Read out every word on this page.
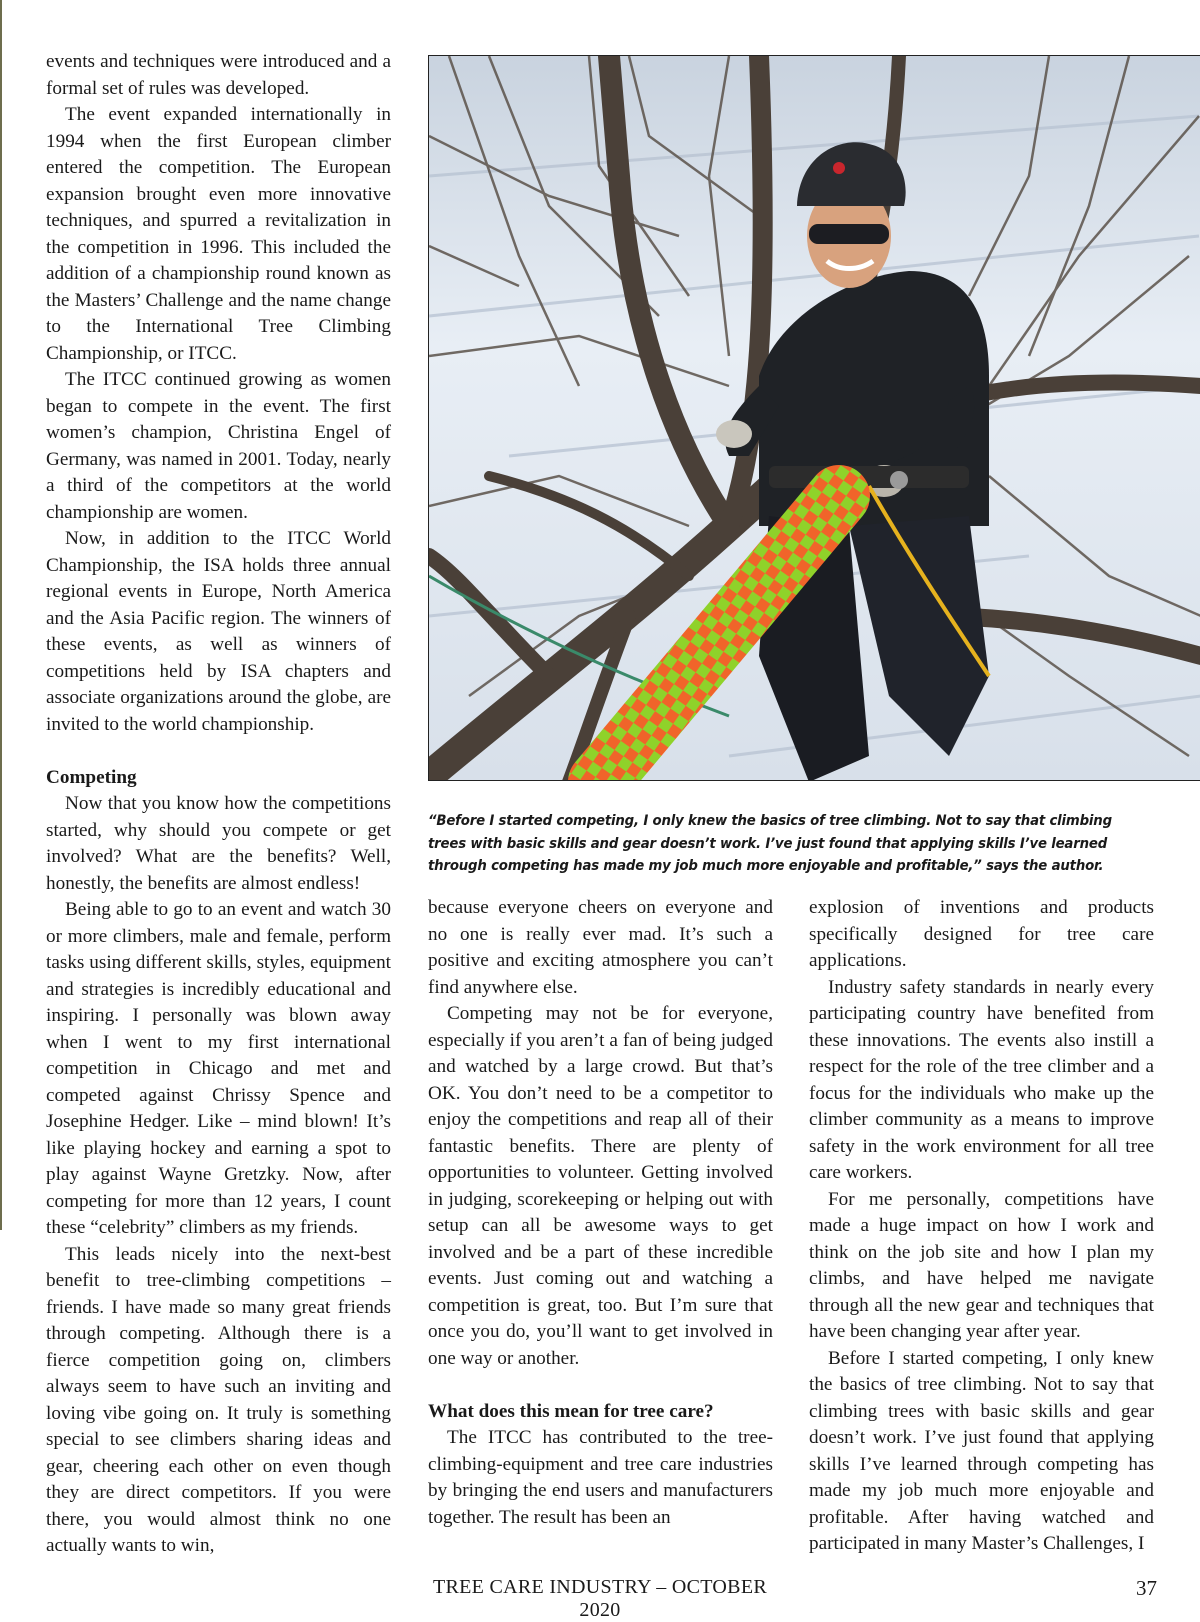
events and techniques were introduced and a formal set of rules was developed.

The event expanded internationally in 1994 when the first European climber entered the competition. The European expansion brought even more innovative techniques, and spurred a revitalization in the competition in 1996. This included the addition of a championship round known as the Masters’ Challenge and the name change to the International Tree Climbing Championship, or ITCC.

The ITCC continued growing as women began to compete in the event. The first women’s champion, Christina Engel of Germany, was named in 2001. Today, nearly a third of the competitors at the world championship are women.

Now, in addition to the ITCC World Championship, the ISA holds three annual regional events in Europe, North America and the Asia Pacific region. The winners of these events, as well as winners of competitions held by ISA chapters and associate organizations around the globe, are invited to the world championship.

Competing

Now that you know how the competitions started, why should you compete or get involved? What are the benefits? Well, honestly, the benefits are almost endless!

Being able to go to an event and watch 30 or more climbers, male and female, perform tasks using different skills, styles, equipment and strategies is incredibly educational and inspiring. I personally was blown away when I went to my first international competition in Chicago and met and competed against Chrissy Spence and Josephine Hedger. Like – mind blown! It’s like playing hockey and earning a spot to play against Wayne Gretzky. Now, after competing for more than 12 years, I count these “celebrity” climbers as my friends.

This leads nicely into the next-best benefit to tree-climbing competitions – friends. I have made so many great friends through competing. Although there is a fierce competition going on, climbers always seem to have such an inviting and loving vibe going on. It truly is something special to see climbers sharing ideas and gear, cheering each other on even though they are direct competitors. If you were there, you would almost think no one actually wants to win,

“Before I started competing, I only knew the basics of tree climbing. Not to say that climbing trees with basic skills and gear doesn’t work. I’ve just found that applying skills I’ve learned through competing has made my job much more enjoyable and profitable,” says the author.

because everyone cheers on everyone and no one is really ever mad. It’s such a positive and exciting atmosphere you can’t find anywhere else.

Competing may not be for everyone, especially if you aren’t a fan of being judged and watched by a large crowd. But that’s OK. You don’t need to be a competitor to enjoy the competitions and reap all of their fantastic benefits. There are plenty of opportunities to volunteer. Getting involved in judging, scorekeeping or helping out with setup can all be awesome ways to get involved and be a part of these incredible events. Just coming out and watching a competition is great, too. But I’m sure that once you do, you’ll want to get involved in one way or another.

What does this mean for tree care?

The ITCC has contributed to the tree-climbing-equipment and tree care industries by bringing the end users and manufacturers together. The result has been an

explosion of inventions and products specifically designed for tree care applications.

Industry safety standards in nearly every participating country have benefited from these innovations. The events also instill a respect for the role of the tree climber and a focus for the individuals who make up the climber community as a means to improve safety in the work environment for all tree care workers.

For me personally, competitions have made a huge impact on how I work and think on the job site and how I plan my climbs, and have helped me navigate through all the new gear and techniques that have been changing year after year.

Before I started competing, I only knew the basics of tree climbing. Not to say that climbing trees with basic skills and gear doesn’t work. I’ve just found that applying skills I’ve learned through competing has made my job much more enjoyable and profitable. After having watched and participated in many Master’s Challenges, I

TREE CARE INDUSTRY – OCTOBER 2020
37
